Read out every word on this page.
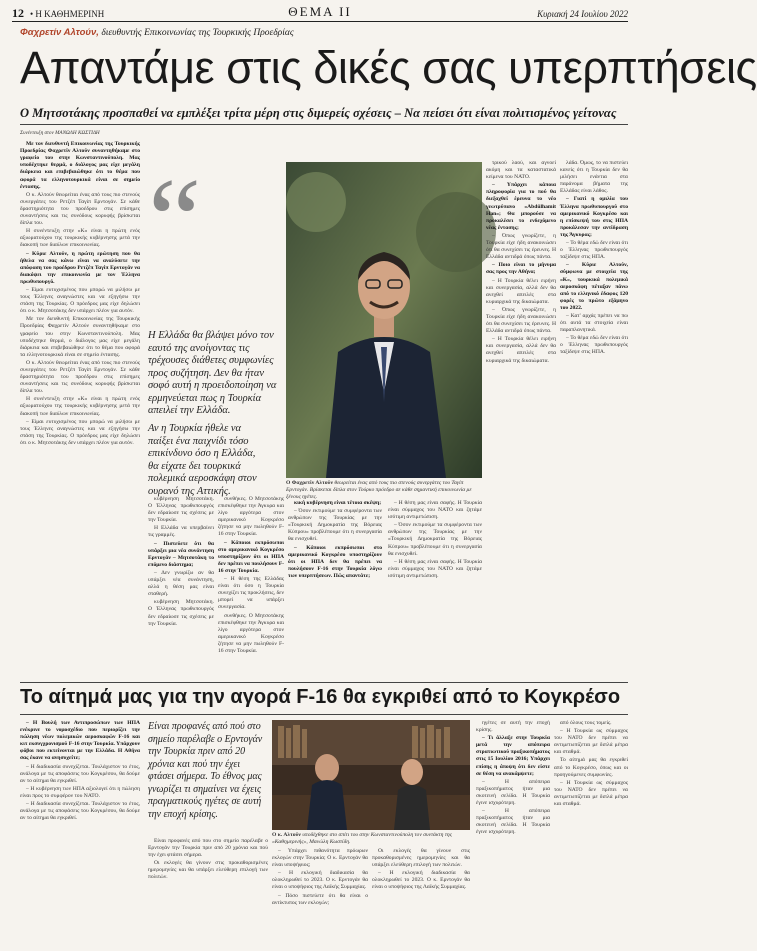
12 • Η ΚΑΘΗΜΕΡΙΝΗ	ΘΕΜΑ II	Κυριακή 24 Ιουλίου 2022
Φαχρετίν Αλτούν, διευθυντής Επικοινωνίας της Τουρκικής Προεδρίας
Απαντάμε στις δικές σας υπερπτήσεις
Ο Μητσοτάκης προσπαθεί να εμπλέξει τρίτα μέρη στις διμερείς σχέσεις – Να πείσει ότι είναι πολιτισμένος γείτονας
Συνέντευξη στον ΜΑΝΩΛΗ ΚΩΣΤΙΔΗ

Με τον διευθυντή Επικοινωνίας της Τουρκικής Προεδρίας Φαχρετίν Αλτούν συναντηθήκαμε στο γραφείο του στην Κωνσταντινούπολη. Μας υποδέχτηκε θερμά, ο διάλογος μας είχε μεγάλη διάρκεια και επιβεβαιώθηκε ότι το θέμα που αφορά τα ελληνοτουρκικά είναι σε σημείο έντασης.

Ο κ. Αλτούν θεωρείται ένας από τους πιο στενούς συνεργάτες του Ρετζέπ Ταγίπ Ερντογάν. Σε κάθε δραστηριότητα του προέδρου στις επίσημες συναντήσεις και τις συνόδους κορυφής βρίσκεται δίπλα του.

Η συνέντευξη στην «Κ» είναι η πρώτη ενός αξιωματούχου της τουρκικής κυβέρνησης μετά την διακοπή των διαύλων επικοινωνίας.

– Κύριε Αλτούν, η πρώτη ερώτηση που θα ήθελα να σας κάνω είναι να αναλύσετε την απόφαση του προέδρου Ρετζέπ Ταγίπ Ερντογάν να διακόψει την επικοινωνία με τον Έλληνα πρωθυπουργό.

– Είμαι ευτυχισμένος που μπορώ να μιλήσω με τους Έλληνες αναγνώστες και να εξηγήσω την στάση της Τουρκίας. Ο πρόεδρος μας είχε δηλώσει ότι ο κ. Μητσοτάκης δεν υπάρχει πλέον για αυτόν.

Με τον διευθυντή Επικοινωνίας της Τουρκικής Προεδρίας Φαχρετίν Αλτούν συναντηθήκαμε στο γραφείο του στην Κωνσταντινούπολη. Μας υποδέχτηκε θερμά, ο διάλογος μας είχε μεγάλη διάρκεια και επιβεβαιώθηκε ότι το θέμα που αφορά τα ελληνοτουρκικά είναι σε σημείο έντασης.

Ο κ. Αλτούν θεωρείται ένας από τους πιο στενούς συνεργάτες του Ρετζέπ Ταγίπ Ερντογάν. Σε κάθε δραστηριότητα του προέδρου στις επίσημες συναντήσεις και τις συνόδους κορυφής βρίσκεται δίπλα του.

Η συνέντευξη στην «Κ» είναι η πρώτη ενός αξιωματούχου της τουρκικής κυβέρνησης μετά την διακοπή των διαύλων επικοινωνίας.

– Είμαι ευτυχισμένος που μπορώ να μιλήσω με τους Έλληνες αναγνώστες και να εξηγήσω την στάση της Τουρκίας. Ο πρόεδρος μας είχε δηλώσει ότι ο κ. Μητσοτάκης δεν υπάρχει πλέον για αυτόν.

“
Η Ελλάδα θα βλάψει μόνο τον εαυτό της ανοίγοντας τις τρέχουσες διάθετες συμφωνίες προς συζήτηση. Δεν θα ήταν σοφό αυτή η προειδοποίηση να ερμηνεύεται πως η Τουρκία απειλεί την Ελλάδα.
Αν η Τουρκία ήθελε να παίξει ένα παιχνίδι τόσο επικίνδυνο όσο η Ελλάδα, θα είχατε δει τουρκικά πολεμικά αεροσκάφη στον ουρανό της Αττικής.
Ο Φαχρετίν Αλτούν θεωρείται ένας από τους πιο στενούς συνεργάτες του Ταγίπ Ερντογάν. Βρίσκεται δίπλα στον Τούρκο πρόεδρο σε κάθε σημαντική επικοινωνία με ξένους ηγέτες.

τρικού λαού, και αγνοεί ακόμη και τα καταστατικά κείμενα του ΝΑΤΟ.

– Υπάρχει κάποια πληροφορία για το πού θα διεξαχθεί έρευνα το νέο γεωτρύπανο «Abdülhamit Han»; Θα μπορούσε να προκαλέσει το ενδεχόμενο νέας έντασης;

– Όπως γνωρίζετε, η Τουρκία είχε ήδη ανακοινώσει ότι θα συνεχίσει τις έρευνες. Η Ελλάδα αντιδρά όπως πάντα.

– Ποιο είναι το μήνυμα σας προς την Αθήνα;

– Η Τουρκία θέλει ειρήνη και συνεργασία, αλλά δεν θα ανεχθεί απειλές στα κυριαρχικά της δικαιώματα.

– Όπως γνωρίζετε, η Τουρκία είχε ήδη ανακοινώσει ότι θα συνεχίσει τις έρευνες. Η Ελλάδα αντιδρά όπως πάντα.

– Η Τουρκία θέλει ειρήνη και συνεργασία, αλλά δεν θα ανεχθεί απειλές στα κυριαρχικά της δικαιώματα.

λάδα. Όμως, το να πιστεύει κανείς ότι η Τουρκία δεν θα μιλήσει ενάντια στα παράνομα βήματα της Ελλάδας είναι λάθος.

– Γιατί η ομιλία του Έλληνα πρωθυπουργού στο αμερικανικό Κογκρέσο και η επίσκεψή του στις ΗΠΑ προκάλεσαν την αντίδραση της Άγκυρας;

– Το θέμα εδώ δεν είναι ότι ο Έλληνας πρωθυπουργός ταξίδεψε στις ΗΠΑ.

– Κύριε Αλτούν, σύμφωνα με στοιχεία της «Κ», τουρκικά πολεμικά αεροσκάφη πέταξαν πάνω από το ελληνικό έδαφος 120 φορές το πρώτο εξάμηνο του 2022.

– Κατ' αρχάς πρέπει να πω ότι αυτά τα στοιχεία είναι παραπλανητικά.

– Το θέμα εδώ δεν είναι ότι ο Έλληνας πρωθυπουργός ταξίδεψε στις ΗΠΑ.

κυβέρνηση Μητσοτάκη. Ο Έλληνας πρωθυπουργός δεν εδραίωσε τις σχέσεις με την Τουρκία.

Η Ελλάδα να υπερβαίνει τις γραμμές.

– Πιστεύετε ότι θα υπάρξει μια νέα συνάντηση Ερντογάν – Μητσοτάκη το επόμενο διάστημα;

– Δεν γνωρίζω αν θα υπάρξει νέα συνάντηση, αλλά η θέση μας είναι σταθερή.

κυβέρνηση Μητσοτάκη. Ο Έλληνας πρωθυπουργός δεν εδραίωσε τις σχέσεις με την Τουρκία.

συνθήκες. Ο Μητσοτάκης επισκέφθηκε την Άγκυρα και λίγο αργότερα στον αμερικανικό Κογκρέσο ζήτησε να μην πωληθούν F-16 στην Τουρκία.

– Κάποιοι εκπρόσωποι στο αμερικανικό Κογκρέσο υποστηρίζουν ότι οι ΗΠΑ δεν πρέπει να πουλήσουν F-16 στην Τουρκία.

– Η θέση της Ελλάδας είναι ότι όσο η Τουρκία συνεχίζει τις προκλήσεις, δεν μπορεί να υπάρξει συνεργασία.

συνθήκες. Ο Μητσοτάκης επισκέφθηκε την Άγκυρα και λίγο αργότερα στον αμερικανικό Κογκρέσο ζήτησε να μην πωληθούν F-16 στην Τουρκία.

κική κυβέρνηση είναι τέτοια σκέψη;

– Όσον εκτιμούμε τα συμφέροντα των ανθρώπων της Τουρκίας με την «Τουρκική Δημοκρατία της Βόρειας Κύπρου» προβλέπουμε ότι η συνεργασία θα ενισχυθεί.

– Κάποιοι εκπρόσωποι στο αμερικανικό Κογκρέσο υποστηρίζουν ότι οι ΗΠΑ δεν θα πρέπει να πουλήσουν F-16 στην Τουρκία λόγω των υπερπτήσεων. Πώς απαντάτε;

– Η θέση μας είναι σαφής. Η Τουρκία είναι σύμμαχος του ΝΑΤΟ και ζητάμε ισότιμη αντιμετώπιση.

– Όσον εκτιμούμε τα συμφέροντα των ανθρώπων της Τουρκίας με την «Τουρκική Δημοκρατία της Βόρειας Κύπρου» προβλέπουμε ότι η συνεργασία θα ενισχυθεί.

– Η θέση μας είναι σαφής. Η Τουρκία είναι σύμμαχος του ΝΑΤΟ και ζητάμε ισότιμη αντιμετώπιση.

Το αίτημά μας για την αγορά F-16 θα εγκριθεί από το Κογκρέσο

– Η Βουλή των Αντιπροσώπων των ΗΠΑ ενέκρινε το νομοσχέδιο που περιορίζει την πώληση νέων πολεμικών αεροσκαφών F-16 και κιτ εκσυγχρονισμού F-16 στην Τουρκία. Υπάρχουν φόβοι που εκτείνονται με την Ελλάδα. Η Αθήνα σας έκανε να ανησυχείτε;

– Η διαδικασία συνεχίζεται. Τουλάχιστον το έτος, ανάλογα με τις αποφάσεις του Κογκρέσου, θα δούμε αν το αίτημα θα εγκριθεί.

– Η κυβέρνηση των ΗΠΑ αξιολογεί ότι η πώληση είναι προς το συμφέρον του ΝΑΤΟ.

– Η διαδικασία συνεχίζεται. Τουλάχιστον το έτος, ανάλογα με τις αποφάσεις του Κογκρέσου, θα δούμε αν το αίτημα θα εγκριθεί.

Είναι προφανές από πού στο σημείο παρέλαβε ο Ερντογάν την Τουρκία πριν από 20 χρόνια και πού την έχει φτάσει σήμερα. Το έθνος μας γνωρίζει τι σημαίνει να έχεις πραγματικούς ηγέτες σε αυτή την εποχή κρίσης.

Είναι προφανές από που στο σημείο παρέλαβε ο Ερντογάν την Τουρκία πριν από 20 χρόνια και πού την έχει φτάσει σήμερα.

Οι εκλογές θα γίνουν στις προκαθορισμένες ημερομηνίες και θα υπάρξει ελεύθερη επιλογή των πολιτών.

Ο κ. Αλτούν υποδέχθηκε στο σπίτι του στην Κωνσταντινούπολη τον συντάκτη της «Καθημερινής», Μανώλη Κωστίδη.

– Υπάρχει πιθανότητα πρόωρων εκλογών στην Τουρκία; Ο κ. Ερντογάν θα είναι υποψήφιος;

– Η εκλογική διαδικασία θα ολοκληρωθεί το 2023. Ο κ. Ερντογάν θα είναι ο υποψήφιος της Λαϊκής Συμμαχίας.

– Πόσο πιστεύετε ότι θα είναι ο αντίκτυπος των εκλογών;

Οι εκλογές θα γίνουν στις προκαθορισμένες ημερομηνίες και θα υπάρξει ελεύθερη επιλογή των πολιτών.

– Η εκλογική διαδικασία θα ολοκληρωθεί το 2023. Ο κ. Ερντογάν θα είναι ο υποψήφιος της Λαϊκής Συμμαχίας.

ηγέτες σε αυτή την εποχή κρίσης.

– Τι άλλαξε στην Τουρκία μετά την απόπειρα στρατιωτικού πραξικοπήματος στις 15 Ιουλίου 2016; Υπάρχει επίσης η άποψη ότι δεν είστε σε θέση να ανακάμψετε;

– Η απόπειρα πραξικοπήματος ήταν μια σκοτεινή σελίδα. Η Τουρκία έγινε ισχυρότερη.

– Η απόπειρα πραξικοπήματος ήταν μια σκοτεινή σελίδα. Η Τουρκία έγινε ισχυρότερη.

από όλους τους τομείς.

– Η Τουρκία ως σύμμαχος του ΝΑΤΟ δεν πρέπει να αντιμετωπίζεται με διπλά μέτρα και σταθμά.

Το αίτημά μας θα εγκριθεί από το Κογκρέσο, όπως και οι προηγούμενες συμφωνίες.

– Η Τουρκία ως σύμμαχος του ΝΑΤΟ δεν πρέπει να αντιμετωπίζεται με διπλά μέτρα και σταθμά.
